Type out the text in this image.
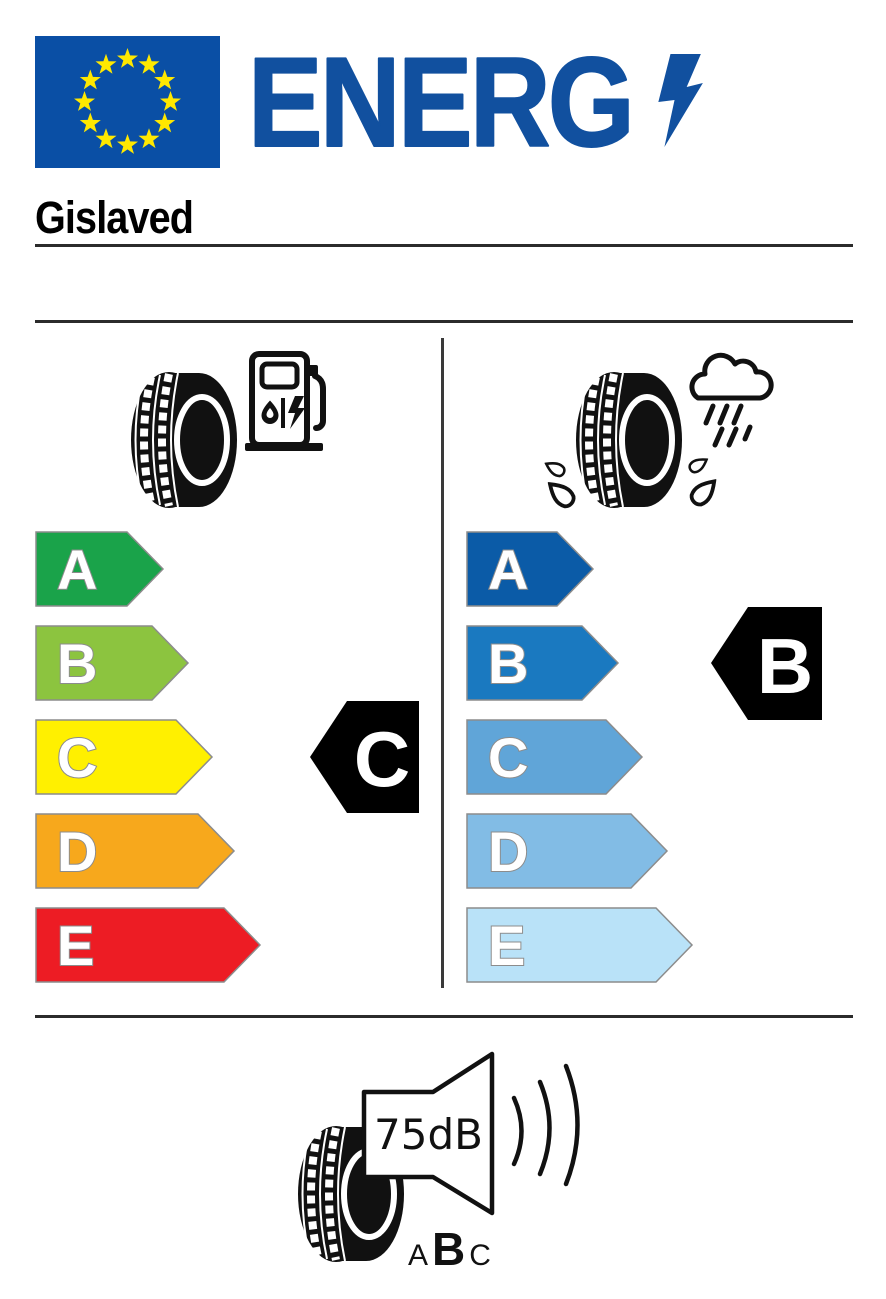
ENERG
Gislaved
A
B
C
D
E
C
A
B
C
D
E
B
75dB
A B C
